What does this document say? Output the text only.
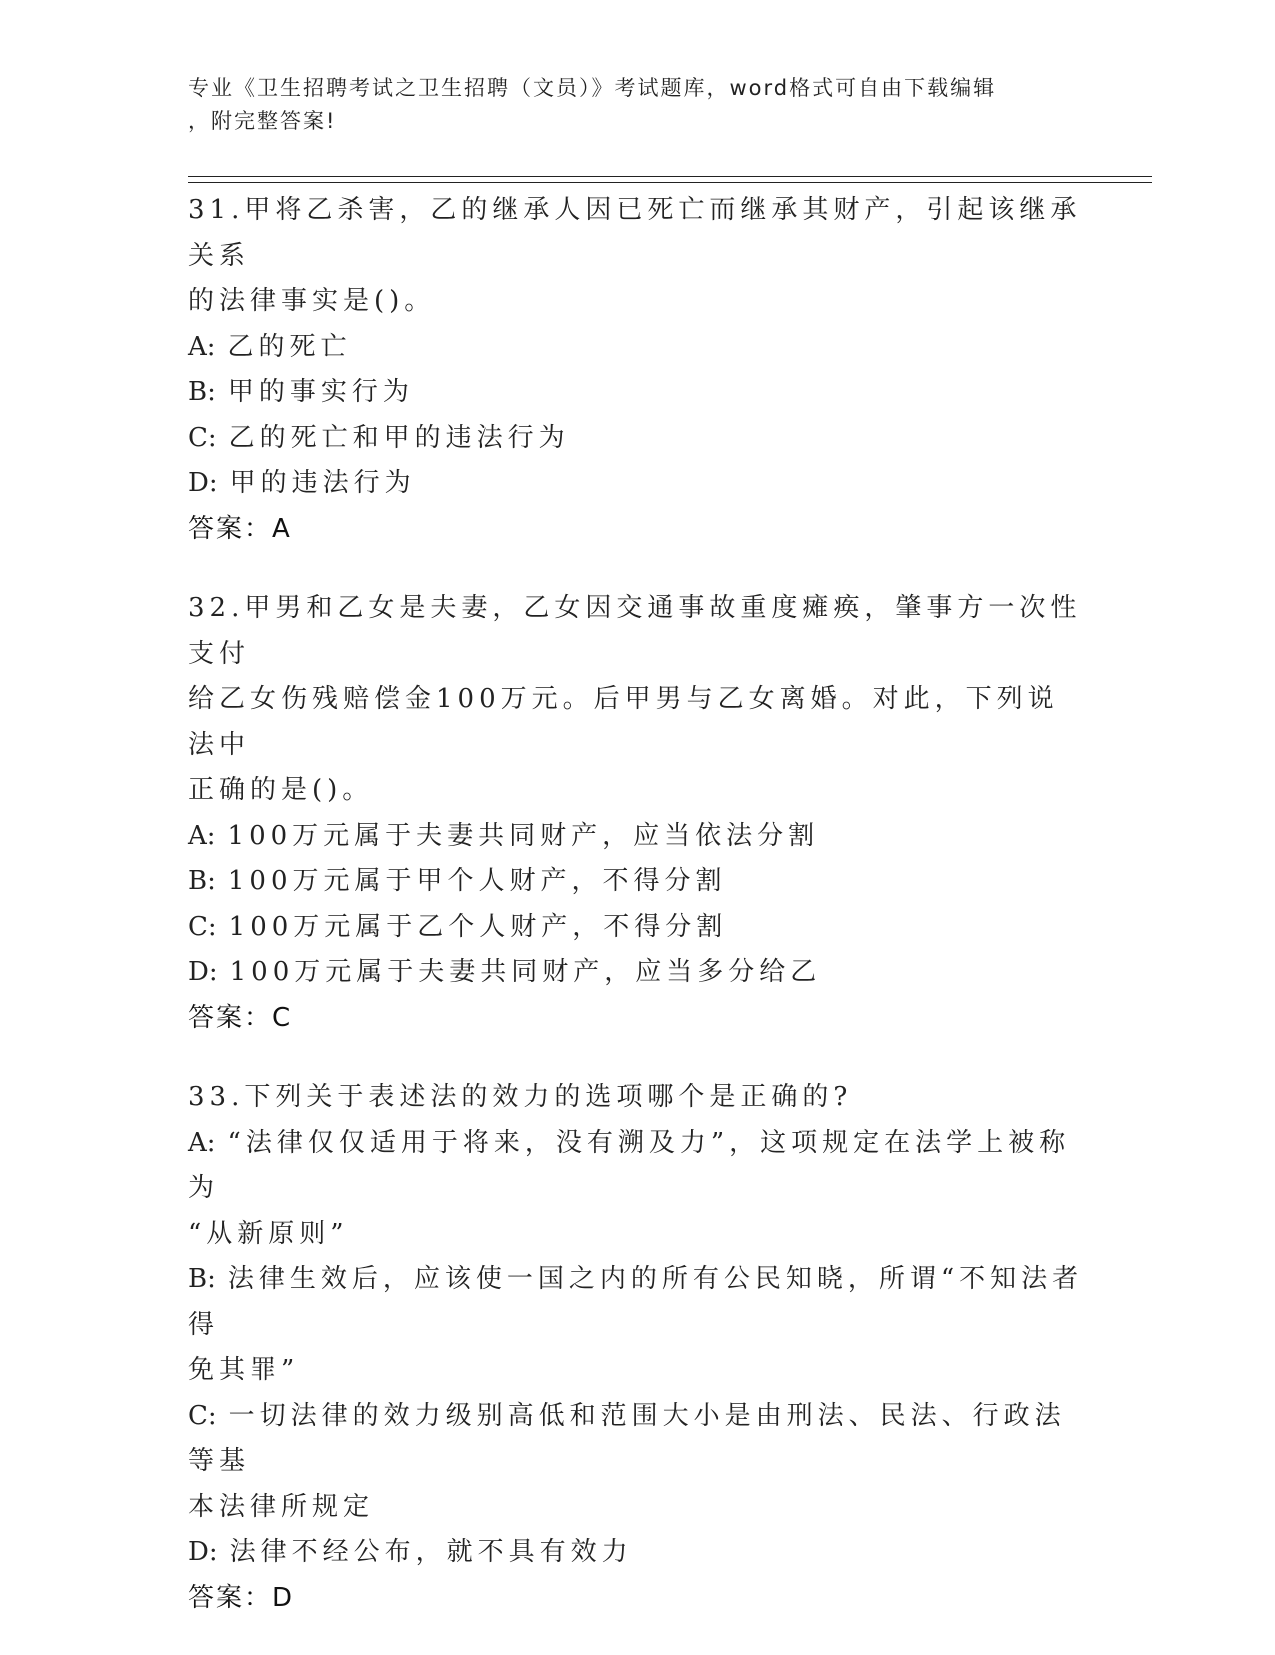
专业《卫生招聘考试之卫生招聘（文员）》考试题库，word格式可自由下载编辑
，附完整答案!
31.甲将乙杀害，乙的继承人因已死亡而继承其财产，引起该继承关系
的法律事实是()。
A: 乙的死亡
B: 甲的事实行为
C: 乙的死亡和甲的违法行为
D: 甲的违法行为
答案：A
32.甲男和乙女是夫妻，乙女因交通事故重度瘫痪，肇事方一次性支付
给乙女伤残赔偿金100万元。后甲男与乙女离婚。对此，下列说法中
正确的是()。
A: 100万元属于夫妻共同财产，应当依法分割
B: 100万元属于甲个人财产，不得分割
C: 100万元属于乙个人财产，不得分割
D: 100万元属于夫妻共同财产，应当多分给乙
答案：C
33.下列关于表述法的效力的选项哪个是正确的?
A: “法律仅仅适用于将来，没有溯及力”，这项规定在法学上被称为
“从新原则”
B: 法律生效后，应该使一国之内的所有公民知晓，所谓“不知法者得
免其罪”
C: 一切法律的效力级别高低和范围大小是由刑法、民法、行政法等基
本法律所规定
D: 法律不经公布，就不具有效力
答案：D
